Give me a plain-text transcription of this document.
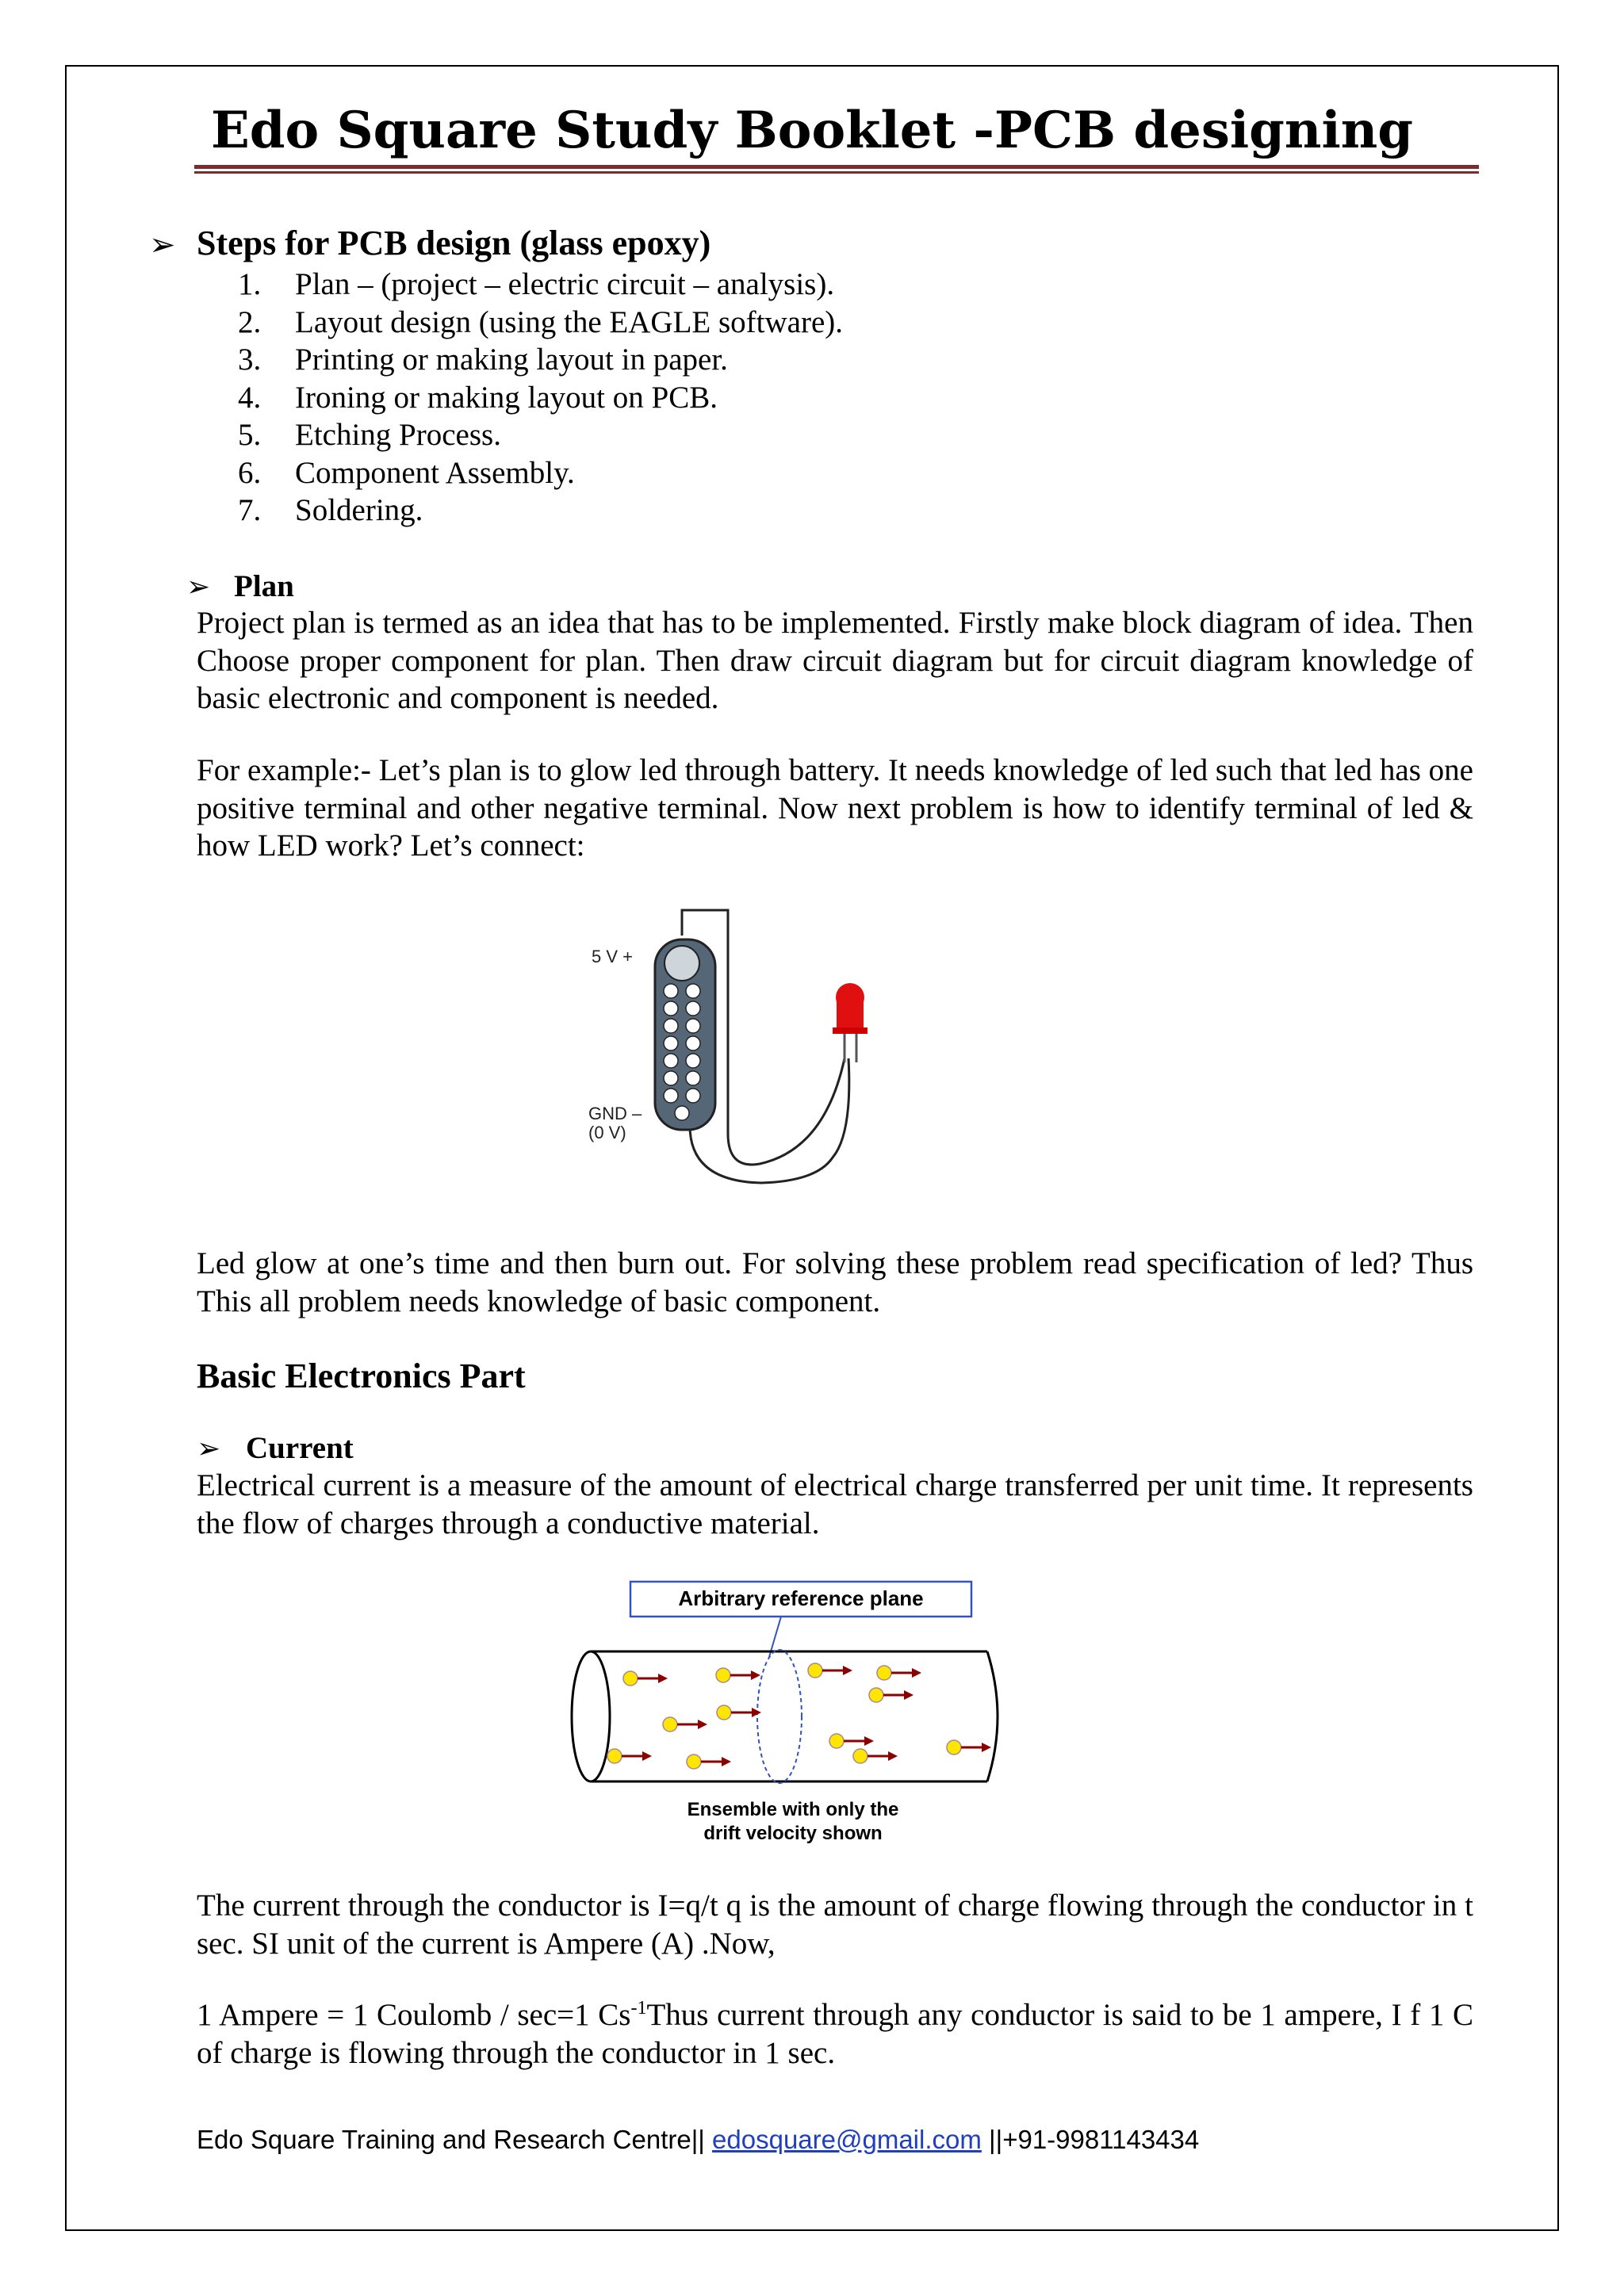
Edo Square Study Booklet -PCB designing
➢ Steps for PCB design (glass epoxy)
1. Plan – (project – electric circuit – analysis).
2. Layout design (using the EAGLE software).
3. Printing or making layout in paper.
4. Ironing or making layout on PCB.
5. Etching Process.
6. Component Assembly.
7. Soldering.
➢ Plan

Project plan is termed as an idea that has to be implemented. Firstly make block diagram of idea. Then Choose proper component for plan. Then draw circuit diagram but for circuit diagram knowledge of basic electronic and component is needed.

For example:- Let’s plan is to glow led through battery. It needs knowledge of led such that led has one positive terminal and other negative terminal. Now next problem is how to identify terminal of led & how LED work? Let’s connect:

5 V +
GND –
(0 V)

Led glow at one’s time and then burn out. For solving these problem read specification of led? Thus This all problem needs knowledge of basic component.

Basic Electronics Part
➢ Current

Electrical current is a measure of the amount of electrical charge transferred per unit time. It represents the flow of charges through a conductive material.

Arbitrary reference plane
Ensemble with only the
drift velocity shown

The current through the conductor is I=q/t q is the amount of charge flowing through the conductor in t sec. SI unit of the current is Ampere (A) .Now,

1 Ampere = 1 Coulomb / sec=1 $Cs^{-1}Thus$ current through any conductor is said to be 1 ampere, I f 1 C of charge is flowing through the conductor in 1 sec.

Edo Square Training and Research Centre|| edosquare@gmail.com ||+91-9981143434
